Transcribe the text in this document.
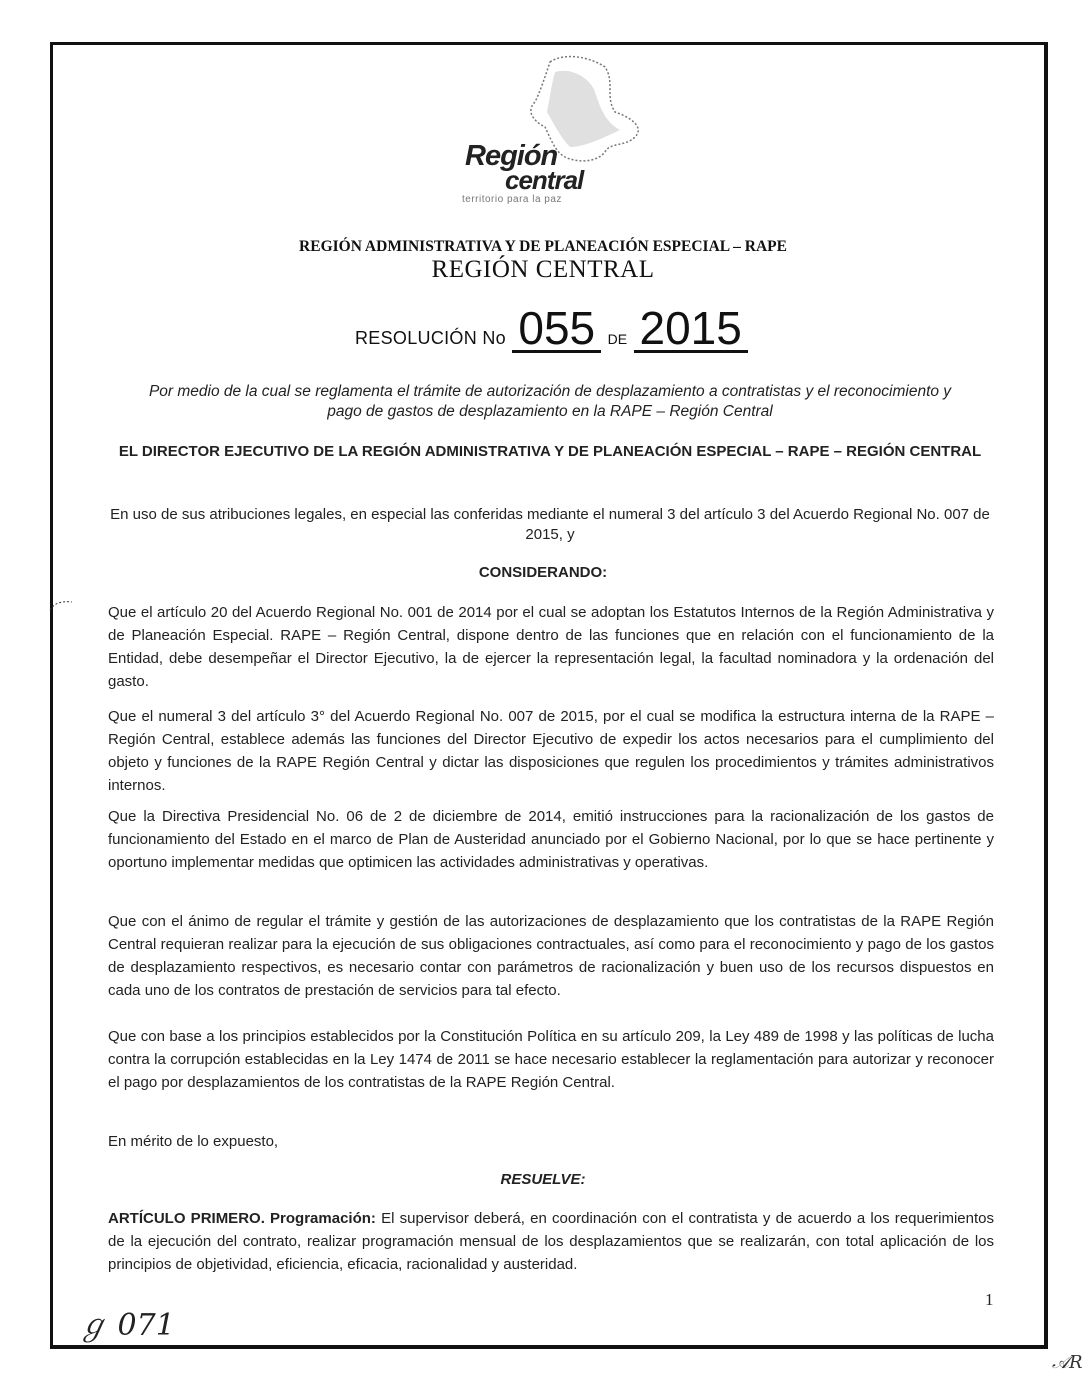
Región
central
territorio para la paz
REGIÓN ADMINISTRATIVA Y DE PLANEACIÓN ESPECIAL – RAPE
REGIÓN CENTRAL
RESOLUCIÓN No 055 DE 2015
Por medio de la cual se reglamenta el trámite de autorización de desplazamiento a contratistas y el reconocimiento y pago de gastos de desplazamiento en la RAPE – Región Central
EL DIRECTOR EJECUTIVO DE LA REGIÓN ADMINISTRATIVA Y DE PLANEACIÓN ESPECIAL – RAPE – REGIÓN CENTRAL
En uso de sus atribuciones legales, en especial las conferidas mediante el numeral 3 del artículo 3 del Acuerdo Regional No. 007 de 2015, y
CONSIDERANDO:

Que el artículo 20 del Acuerdo Regional No. 001 de 2014 por el cual se adoptan los Estatutos Internos de la Región Administrativa y de Planeación Especial. RAPE – Región Central, dispone dentro de las funciones que en relación con el funcionamiento de la Entidad, debe desempeñar el Director Ejecutivo, la de ejercer la representación legal, la facultad nominadora y la ordenación del gasto.

Que el numeral 3 del artículo 3° del Acuerdo Regional No. 007 de 2015, por el cual se modifica la estructura interna de la RAPE – Región Central, establece además las funciones del Director Ejecutivo de expedir los actos necesarios para el cumplimiento del objeto y funciones de la RAPE Región Central y dictar las disposiciones que regulen los procedimientos y trámites administrativos internos.

Que la Directiva Presidencial No. 06 de 2 de diciembre de 2014, emitió instrucciones para la racionalización de los gastos de funcionamiento del Estado en el marco de Plan de Austeridad anunciado por el Gobierno Nacional, por lo que se hace pertinente y oportuno implementar medidas que optimicen las actividades administrativas y operativas.

Que con el ánimo de regular el trámite y gestión de las autorizaciones de desplazamiento que los contratistas de la RAPE Región Central requieran realizar para la ejecución de sus obligaciones contractuales, así como para el reconocimiento y pago de los gastos de desplazamiento respectivos, es necesario contar con parámetros de racionalización y buen uso de los recursos dispuestos en cada uno de los contratos de prestación de servicios para tal efecto.

Que con base a los principios establecidos por la Constitución Política en su artículo 209, la Ley 489 de 1998 y las políticas de lucha contra la corrupción establecidas en la Ley 1474 de 2011 se hace necesario establecer la reglamentación para autorizar y reconocer el pago por desplazamientos de los contratistas de la RAPE Región Central.

En mérito de lo expuesto,

RESUELVE:

ARTÍCULO PRIMERO. Programación: El supervisor deberá, en coordinación con el contratista y de acuerdo a los requerimientos de la ejecución del contrato, realizar programación mensual de los desplazamientos que se realizarán, con total aplicación de los principios de objetividad, eficiencia, eficacia, racionalidad y austeridad.

1
ℊ 071
𝒜R
